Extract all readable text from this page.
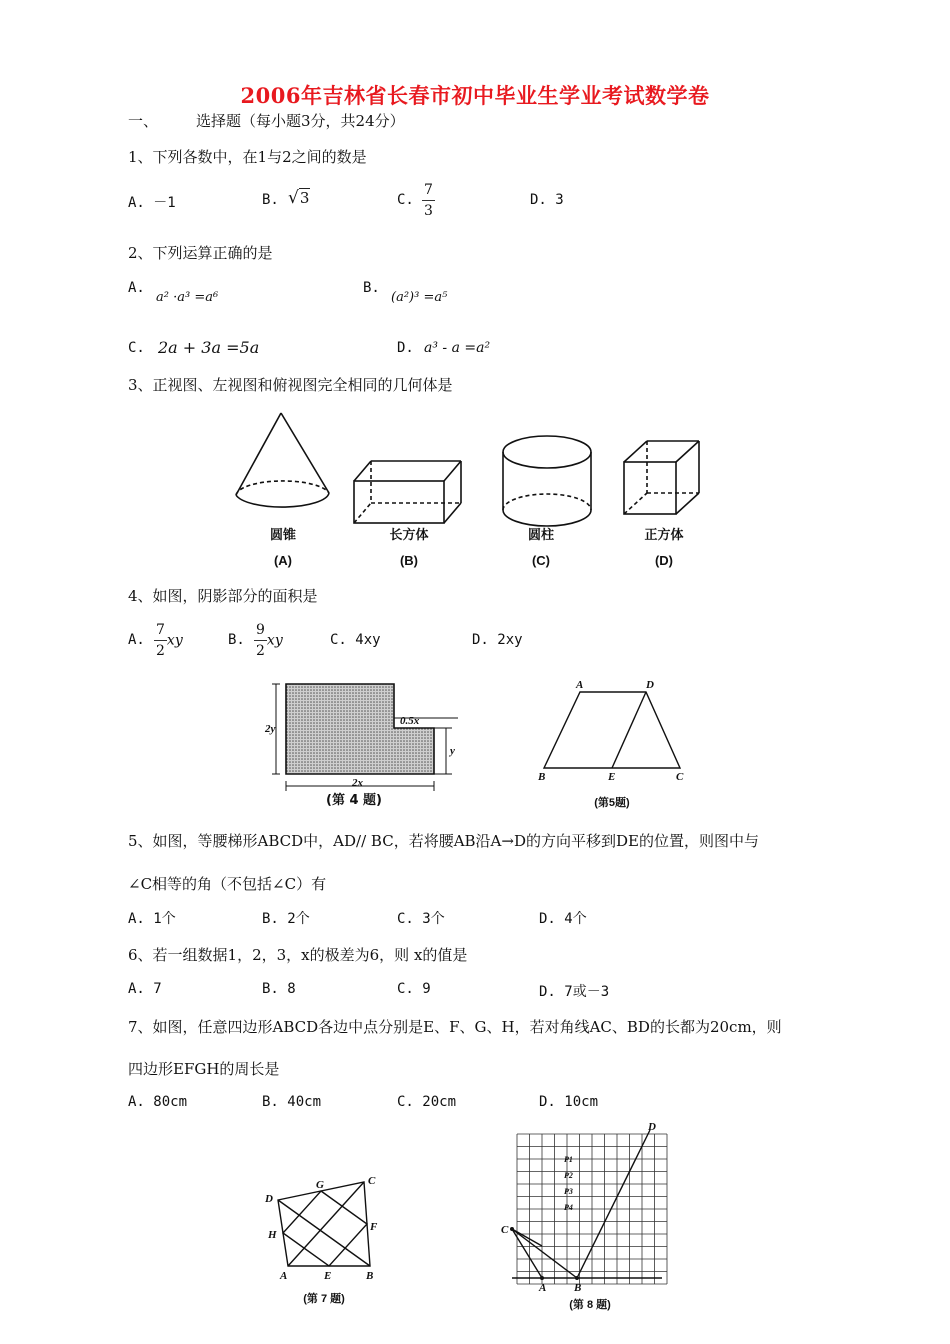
2006年吉林省长春市初中毕业生学业考试数学卷
一、	选择题（每小题3分，共24分）
1、下列各数中，在1与2之间的数是
A. －1	B. √3	C. $\frac{7}{3}$	D. 3
2、下列运算正确的是
A.
a² ·a³ =a⁶
B.
(a²)³ =a⁵
C. 2a + 3a =5a	D. a³ - a =a²
3、正视图、左视图和俯视图完全相同的几何体是
圆锥
(A)
长方体
(B)
圆柱
(C)
正方体
(D)
4、如图，阴影部分的面积是
A. $\frac{7}{2}$ xy	B. $\frac{9}{2}$ xy	C. 4xy	D. 2xy
2y
2x
0.5x
y
(第 4 题)
A	D
B	E	C
(第5题)
5、如图，等腰梯形ABCD中，AD// BC，若将腰AB沿A→D的方向平移到DE的位置，则图中与
∠C相等的角（不包括∠C）有
A. 1个	B. 2个	C. 3个	D. 4个
6、若一组数据1，2，3，x的极差为6，则 x的值是
A. 7	B. 8	C. 9	D. 7或－3
7、如图，任意四边形ABCD各边中点分别是E、F、G、H，若对角线AC、BD的长都为20cm，则
四边形EFGH的周长是
A. 80cm	B. 40cm	C. 20cm	D. 10cm
D
G	C
H
F
A	E	B
(第 7 题)
P1
P2
P3
P4
D
C
A	B
(第 8 题)
